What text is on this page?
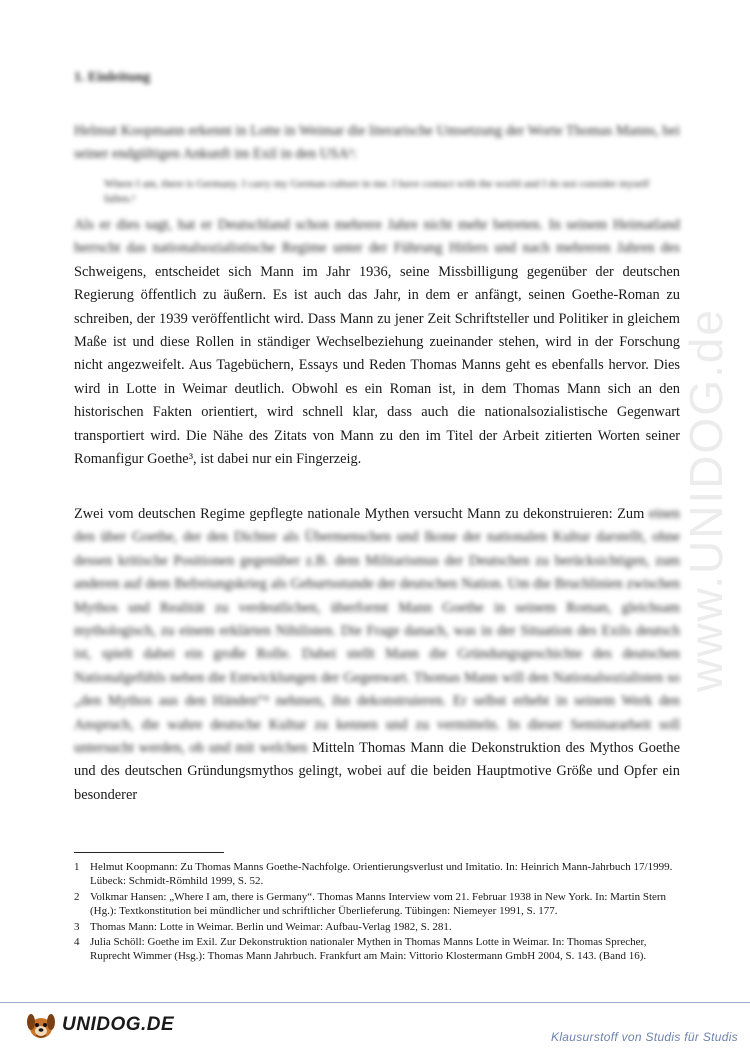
www.UNIDOG.de
1. Einleitung

Helmut Koopmann erkennt in Lotte in Weimar die literarische Umsetzung der Worte Thomas Manns, bei seiner endgültigen Ankunft im Exil in den USA¹:

Where I am, there is Germany. I carry my German culture in me. I have contact with the world and I do not consider myself fallen.²

Als er dies sagt, hat er Deutschland schon mehrere Jahre nicht mehr betreten. In seinem Heimatland herrscht das nationalsozialistische Regime unter der Führung Hitlers und nach mehreren Jahren des Schweigens, entscheidet sich Mann im Jahr 1936, seine Missbilligung gegenüber der deutschen Regierung öffentlich zu äußern. Es ist auch das Jahr, in dem er anfängt, seinen Goethe-Roman zu schreiben, der 1939 veröffentlicht wird. Dass Mann zu jener Zeit Schriftsteller und Politiker in gleichem Maße ist und diese Rollen in ständiger Wechselbeziehung zueinander stehen, wird in der Forschung nicht angezweifelt. Aus Tagebüchern, Essays und Reden Thomas Manns geht es ebenfalls hervor. Dies wird in Lotte in Weimar deutlich. Obwohl es ein Roman ist, in dem Thomas Mann sich an den historischen Fakten orientiert, wird schnell klar, dass auch die nationalsozialistische Gegenwart transportiert wird. Die Nähe des Zitats von Mann zu den im Titel der Arbeit zitierten Worten seiner Romanfigur Goethe³, ist dabei nur ein Fingerzeig.

Zwei vom deutschen Regime gepflegte nationale Mythen versucht Mann zu dekonstruieren: Zum einen den über Goethe, der den Dichter als Übermenschen und Ikone der nationalen Kultur darstellt, ohne dessen kritische Positionen gegenüber z.B. dem Militarismus der Deutschen zu berücksichtigen, zum anderen auf dem Befreiungskrieg als Geburtsstunde der deutschen Nation. Um die Bruchlinien zwischen Mythos und Realität zu verdeutlichen, überformt Mann Goethe in seinem Roman, gleichsam mythologisch, zu einem erklärten Nihilisten. Die Frage danach, was in der Situation des Exils deutsch ist, spielt dabei ein große Rolle. Dabei stellt Mann die Gründungsgeschichte des deutschen Nationalgefühls neben die Entwicklungen der Gegenwart. Thomas Mann will den Nationalsozialisten so „den Mythos aus den Händen“⁴ nehmen, ihn dekonstruieren. Er selbst erhebt in seinem Werk den Anspruch, die wahre deutsche Kultur zu kennen und zu vermitteln. In dieser Seminararbeit soll untersucht werden, ob und mit welchen Mitteln Thomas Mann die Dekonstruktion des Mythos Goethe und des deutschen Gründungsmythos gelingt, wobei auf die beiden Hauptmotive Größe und Opfer ein besonderer

1 Helmut Koopmann: Zu Thomas Manns Goethe-Nachfolge. Orientierungsverlust und Imitatio. In: Heinrich Mann-Jahrbuch 17/1999. Lübeck: Schmidt-Römhild 1999, S. 52.
2 Volkmar Hansen: „Where I am, there is Germany“. Thomas Manns Interview vom 21. Februar 1938 in New York. In: Martin Stern (Hg.): Textkonstitution bei mündlicher und schriftlicher Überlieferung. Tübingen: Niemeyer 1991, S. 177.
3 Thomas Mann: Lotte in Weimar. Berlin und Weimar: Aufbau-Verlag 1982, S. 281.
4 Julia Schöll: Goethe im Exil. Zur Dekonstruktion nationaler Mythen in Thomas Manns Lotte in Weimar. In: Thomas Sprecher, Ruprecht Wimmer (Hsg.): Thomas Mann Jahrbuch. Frankfurt am Main: Vittorio Klostermann GmbH 2004, S. 143. (Band 16).
UNIDOG.DE
Klausurstoff von Studis für Studis
